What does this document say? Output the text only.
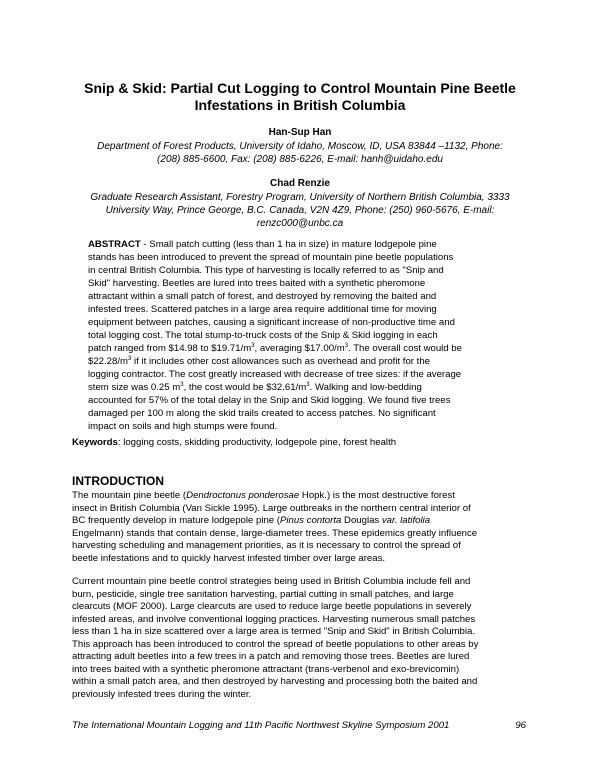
Snip & Skid: Partial Cut Logging to Control Mountain Pine Beetle
Infestations in British Columbia
Han-Sup Han
Department of Forest Products, University of Idaho, Moscow, ID, USA 83844 –1132, Phone:
(208) 885-6600, Fax: (208) 885-6226, E-mail: hanh@uidaho.edu
Chad Renzie
Graduate Research Assistant, Forestry Program, University of Northern British Columbia, 3333
University Way, Prince George, B.C. Canada, V2N 4Z9, Phone: (250) 960-5676, E-mail:
renzc000@unbc.ca

ABSTRACT - Small patch cutting (less than 1 ha in size) in mature lodgepole pine

stands has been introduced to prevent the spread of mountain pine beetle populations

in central British Columbia. This type of harvesting is locally referred to as "Snip and

Skid" harvesting. Beetles are lured into trees baited with a synthetic pheromone

attractant within a small patch of forest, and destroyed by removing the baited and

infested trees. Scattered patches in a large area require additional time for moving

equipment between patches, causing a significant increase of non-productive time and

total logging cost. The total stump-to-truck costs of the Snip & Skid logging in each

patch ranged from $14.98 to $\$19.71/m^3$, averaging $\$17.00/m^3$. The overall cost would be

$\$22.28/m^3$ if it includes other cost allowances such as overhead and profit for the

logging contractor. The cost greatly increased with decrease of tree sizes: if the average

stem size was 0.25 $m^3$, the cost would be $\$32.61/m^3$. Walking and low-bedding

accounted for 57% of the total delay in the Snip and Skid logging. We found five trees

damaged per 100 m along the skid trails created to access patches. No significant

impact on soils and high stumps were found.

Keywords: logging costs, skidding productivity, lodgepole pine, forest health
INTRODUCTION

The mountain pine beetle (Dendroctonus ponderosae Hopk.) is the most destructive forest

insect in British Columbia (Van Sickle 1995). Large outbreaks in the northern central interior of

BC frequently develop in mature lodgepole pine (Pinus contorta Douglas var. latifolia

Engelmann) stands that contain dense, large-diameter trees. These epidemics greatly influence

harvesting scheduling and management priorities, as it is necessary to control the spread of

beetle infestations and to quickly harvest infested timber over large areas.

Current mountain pine beetle control strategies being used in British Columbia include fell and

burn, pesticide, single tree sanitation harvesting, partial cutting in small patches, and large

clearcuts (MOF 2000). Large clearcuts are used to reduce large beetle populations in severely

infested areas, and involve conventional logging practices. Harvesting numerous small patches

less than 1 ha in size scattered over a large area is termed "Snip and Skid" in British Columbia.

This approach has been introduced to control the spread of beetle populations to other areas by

attracting adult beetles into a few trees in a patch and removing those trees. Beetles are lured

into trees baited with a synthetic pheromone attractant (trans-verbenol and exo-brevicomin)

within a small patch area, and then destroyed by harvesting and processing both the baited and

previously infested trees during the winter.

The International Mountain Logging and 11th Pacific Northwest Skyline Symposium 2001	96
